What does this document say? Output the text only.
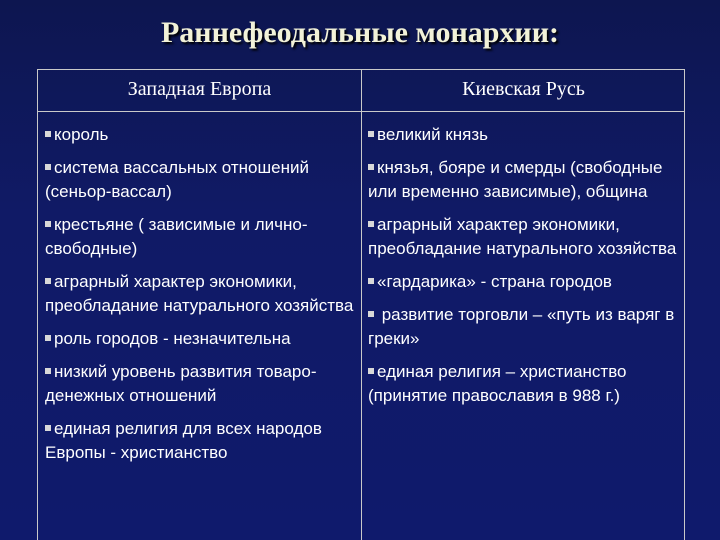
Раннефеодальные монархии:
Западная Европа	Киевская Русь
король
система вассальных отношений (сеньор-вассал)
крестьяне ( зависимые и лично-свободные)
аграрный характер экономики, преобладание натурального хозяйства
роль городов - незначительна
низкий уровень развития товаро-денежных отношений
единая религия для всех народов Европы - христианство
великий князь
князья, бояре и смерды (свободные или временно зависимые), община
аграрный характер экономики, преобладание натурального хозяйства
«гардарика» - страна городов
развитие торговли – «путь из варяг в греки»
единая религия – христианство (принятие православия в 988 г.)
